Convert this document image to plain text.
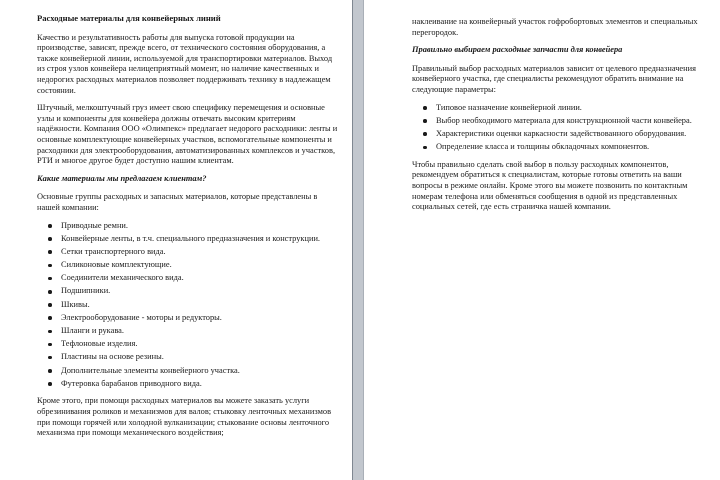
Расходные материалы для конвейерных линий

Качество и результативность работы для выпуска готовой продукции на производстве, зависят, прежде всего, от технического состояния оборудования, а также конвейерной линии, используемой для транспортировки материалов. Выход из строя узлов конвейера нелицеприятный момент, но наличие качественных и недорогих расходных материалов позволяет поддерживать технику в надлежащем состоянии.

Штучный, мелкоштучный груз имеет свою специфику перемещения и основные узлы и компоненты для конвейера должны отвечать высоким критериям надёжности. Компания ООО «Олимпекс» предлагает недорого расходники: ленты и основные комплектующие конвейерных участков, вспомогательные компоненты и расходники для электрооборудования, автоматизированных комплексов и участков, РТИ и многое другое будет доступно нашим клиентам.

Какие материалы мы предлагаем клиентам?

Основные группы расходных и запасных материалов, которые представлены в нашей компании:

Приводные ремни.
Конвейерные ленты, в т.ч. специального предназначения и конструкции.
Сетки транспортерного вида.
Силиконовые комплектующие.
Соединители механического вида.
Подшипники.
Шкивы.
Электрооборудование - моторы и редукторы.
Шланги и рукава.
Тефлоновые изделия.
Пластины на основе резины.
Дополнительные элементы конвейерного участка.
Футеровка барабанов приводного вида.

Кроме этого, при помощи расходных материалов вы можете заказать услуги обрезинивания роликов и механизмов для валов; стыковку ленточных механизмов при помощи горячей или холодной вулканизации; стыкование основы ленточного механизма при помощи механического воздействия;

наклеивание на конвейерный участок гофробортовых элементов и специальных перегородок.

Правильно выбираем расходные запчасти для конвейера

Правильный выбор расходных материалов зависит от целевого предназначения конвейерного участка, где специалисты рекомендуют обратить внимание на следующие параметры:

Типовое назначение конвейерной линии.
Выбор необходимого материала для конструкционной части конвейера.
Характеристики оценки каркасности задействованного оборудования.
Определение класса и толщины обкладочных компонентов.

Чтобы правильно сделать свой выбор в пользу расходных компонентов, рекомендуем обратиться к специалистам, которые готовы ответить на ваши вопросы в режиме онлайн. Кроме этого вы можете позвонить по контактным номерам телефона или обменяться сообщения в одной из представленных социальных сетей, где есть страничка нашей компании.
